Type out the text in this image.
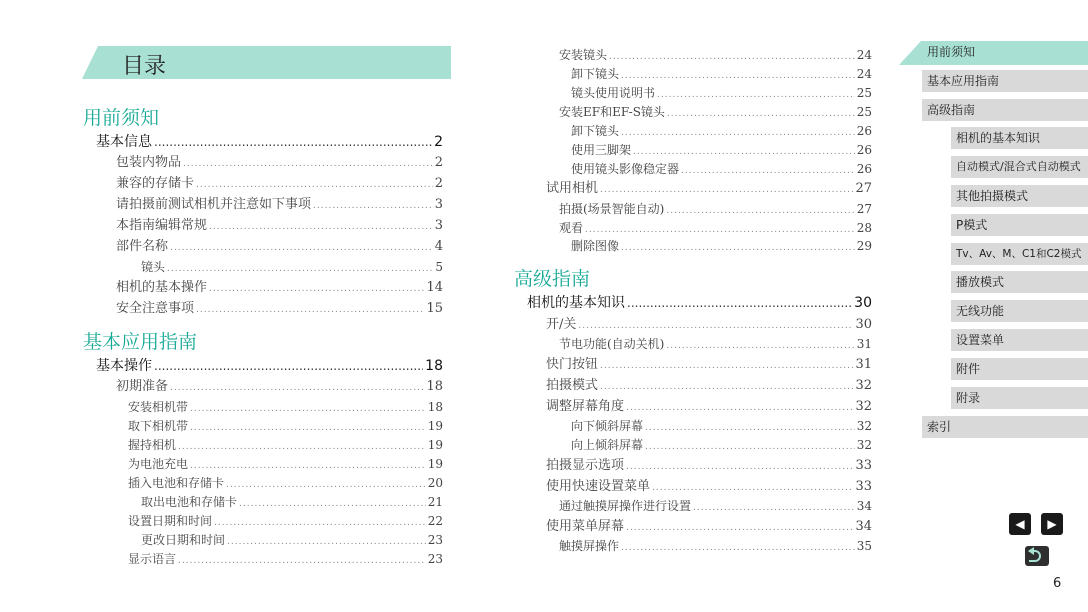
目录
用前须知
基本信息 .....	2
包装内物品 .....	2
兼容的存储卡 .....	2
请拍摄前测试相机并注意如下事项 .....	3
本指南编辑常规 .....	3
部件名称 .....	4
镜头 .....	5
相机的基本操作 .....	14
安全注意事项 .....	15
基本应用指南
基本操作 .....	18
初期准备 .....	18
安装相机带 .....	18
取下相机带 .....	19
握持相机 .....	19
为电池充电 .....	19
插入电池和存储卡 .....	20
取出电池和存储卡 .....	21
设置日期和时间 .....	22
更改日期和时间 .....	23
显示语言 .....	23
安装镜头 .....	24
卸下镜头 .....	24
镜头使用说明书 .....	25
安装EF和EF-S镜头 .....	25
卸下镜头 .....	26
使用三脚架 .....	26
使用镜头影像稳定器 .....	26
试用相机 .....	27
拍摄(场景智能自动) .....	27
观看 .....	28
删除图像 .....	29
高级指南
相机的基本知识 .....	30
开/关 .....	30
节电功能(自动关机) .....	31
快门按钮 .....	31
拍摄模式 .....	32
调整屏幕角度 .....	32
向下倾斜屏幕 .....	32
向上倾斜屏幕 .....	32
拍摄显示选项 .....	33
使用快速设置菜单 .....	33
通过触摸屏操作进行设置 .....	34
使用菜单屏幕 .....	34
触摸屏操作 .....	35
用前须知
基本应用指南
高级指南
相机的基本知识
自动模式/混合式自动模式
其他拍摄模式
P模式
Tv、Av、M、C1和C2模式
播放模式
无线功能
设置菜单
附件
附录
索引
◀	▶
6
